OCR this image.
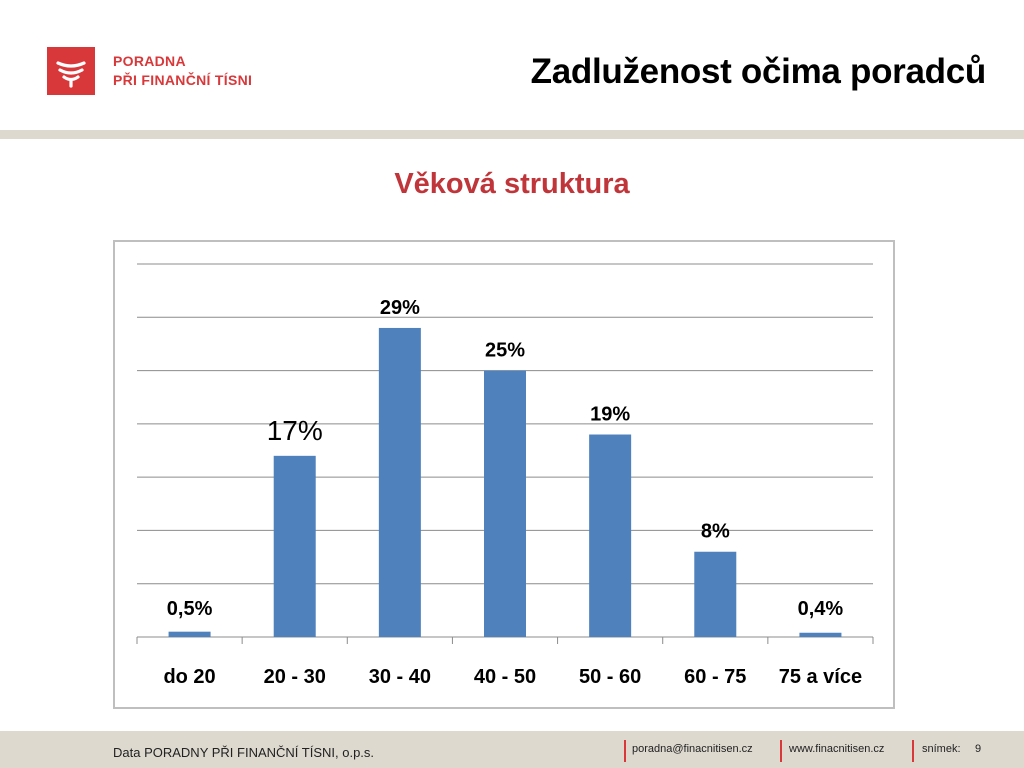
PORADNA
PŘI FINANČNÍ TÍSNI	Zadluženost očima poradců
Věková struktura
0,5%
do 20
17%
20 - 30
29%
30 - 40
25%
40 - 50
19%
50 - 60
8%
60 - 75
0,4%
75 a více
Data PORADNY PŘI FINANČNÍ TÍSNI, o.p.s.	poradna@finacnitisen.cz	www.finacnitisen.cz	snímek: 9
